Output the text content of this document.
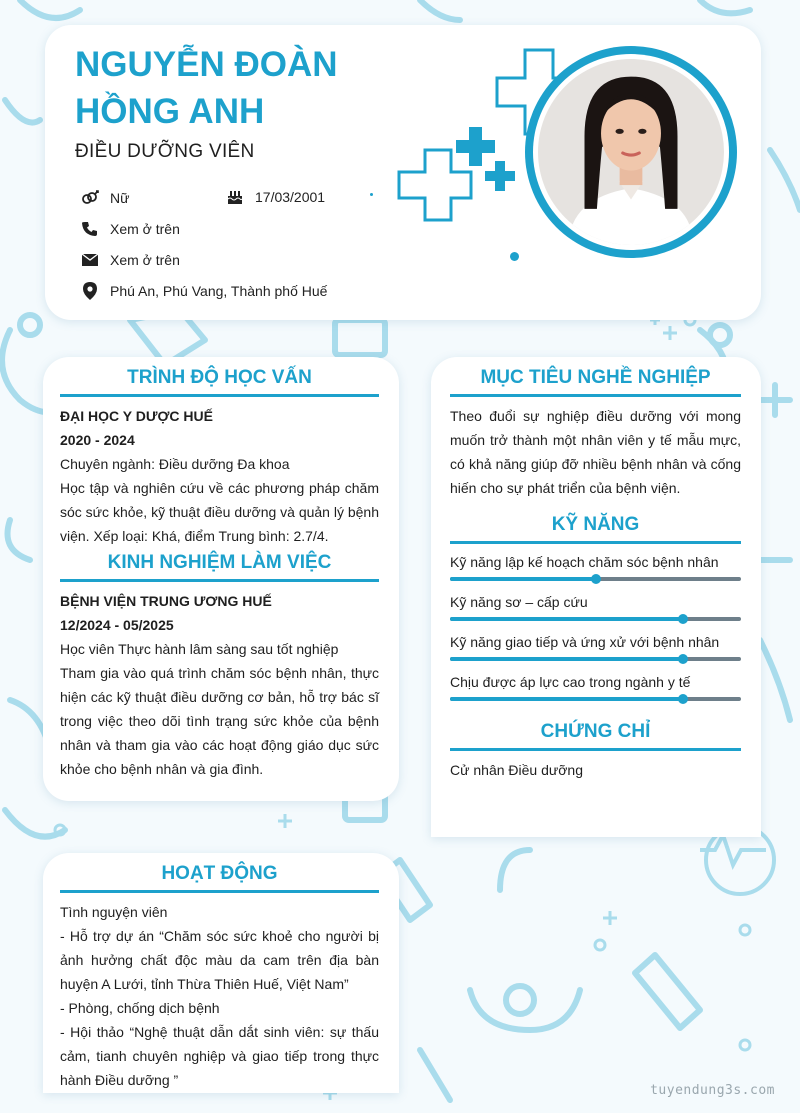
NGUYỄN ĐOÀN HỒNG ANH
ĐIỀU DƯỠNG VIÊN
Nữ	17/03/2001
Xem ở trên
Xem ở trên
Phú An, Phú Vang, Thành phố Huế
TRÌNH ĐỘ HỌC VẤN
ĐẠI HỌC Y DƯỢC HUẾ
2020 - 2024
Chuyên ngành: Điều dưỡng Đa khoa
Học tập và nghiên cứu về các phương pháp chăm sóc sức khỏe, kỹ thuật điều dưỡng và quản lý bệnh viện. Xếp loại: Khá, điểm Trung bình: 2.7/4.
KINH NGHIỆM LÀM VIỆC
BỆNH VIỆN TRUNG ƯƠNG HUẾ
12/2024 - 05/2025
Học viên Thực hành lâm sàng sau tốt nghiệp
Tham gia vào quá trình chăm sóc bệnh nhân, thực hiện các kỹ thuật điều dưỡng cơ bản, hỗ trợ bác sĩ trong việc theo dõi tình trạng sức khỏe của bệnh nhân và tham gia vào các hoạt động giáo dục sức khỏe cho bệnh nhân và gia đình.
MỤC TIÊU NGHỀ NGHIỆP
Theo đuổi sự nghiệp điều dưỡng với mong muốn trở thành một nhân viên y tế mẫu mực, có khả năng giúp đỡ nhiều bệnh nhân và cống hiến cho sự phát triển của bệnh viện.
KỸ NĂNG
Kỹ năng lập kế hoạch chăm sóc bệnh nhân
Kỹ năng sơ – cấp cứu
Kỹ năng giao tiếp và ứng xử với bệnh nhân
Chịu được áp lực cao trong ngành y tế
CHỨNG CHỈ
Cử nhân Điều dưỡng
HOẠT ĐỘNG
Tình nguyện viên
- Hỗ trợ dự án “Chăm sóc sức khoẻ cho người bị ảnh hưởng chất độc màu da cam trên địa bàn huyện A Lưới, tỉnh Thừa Thiên Huế, Việt Nam”
- Phòng, chống dịch bệnh
- Hội thảo “Nghệ thuật dẫn dắt sinh viên: sự thấu cảm, tianh chuyên nghiệp và giao tiếp trong thực hành Điều dưỡng ”
tuyendung3s.com
